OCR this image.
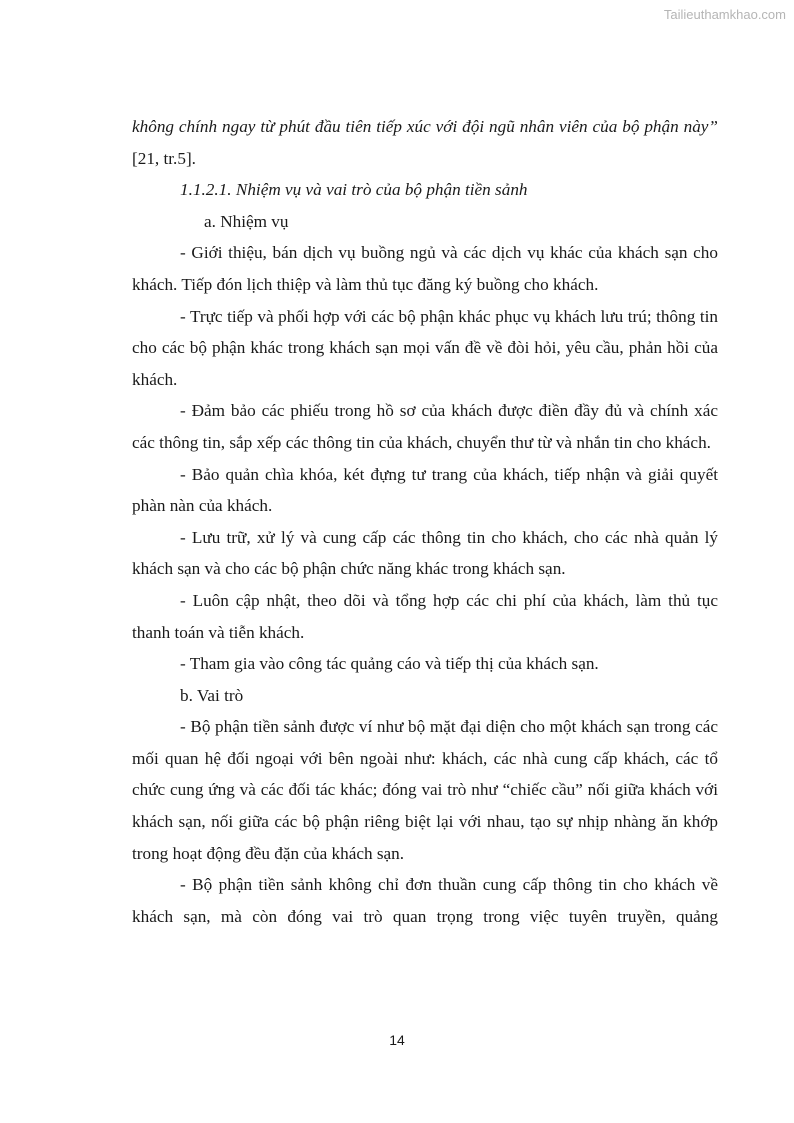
Tailieuthamkhao.com

không chính ngay từ phút đầu tiên tiếp xúc với đội ngũ nhân viên của bộ phận này” [21, tr.5].

1.1.2.1. Nhiệm vụ và vai trò của bộ phận tiền sảnh

a. Nhiệm vụ

- Giới thiệu, bán dịch vụ buồng ngủ và các dịch vụ khác của khách sạn cho khách. Tiếp đón lịch thiệp và làm thủ tục đăng ký buồng cho khách.

- Trực tiếp và phối hợp với các bộ phận khác phục vụ khách lưu trú; thông tin cho các bộ phận khác trong khách sạn mọi vấn đề về đòi hỏi, yêu cầu, phản hồi của khách.

- Đảm bảo các phiếu trong hồ sơ của khách được điền đầy đủ và chính xác các thông tin, sắp xếp các thông tin của khách, chuyển thư từ và nhắn tin cho khách.

- Bảo quản chìa khóa, két đựng tư trang của khách, tiếp nhận và giải quyết phàn nàn của khách.

- Lưu trữ, xử lý và cung cấp các thông tin cho khách, cho các nhà quản lý khách sạn và cho các bộ phận chức năng khác trong khách sạn.

- Luôn cập nhật, theo dõi và tổng hợp các chi phí của khách, làm thủ tục thanh toán và tiễn khách.

- Tham gia vào công tác quảng cáo và tiếp thị của khách sạn.

b. Vai trò

- Bộ phận tiền sảnh được ví như bộ mặt đại diện cho một khách sạn trong các mối quan hệ đối ngoại với bên ngoài như: khách, các nhà cung cấp khách, các tổ chức cung ứng và các đối tác khác; đóng vai trò như “chiếc cầu” nối giữa khách với khách sạn, nối giữa các bộ phận riêng biệt lại với nhau, tạo sự nhịp nhàng ăn khớp trong hoạt động đều đặn của khách sạn.

- Bộ phận tiền sảnh không chỉ đơn thuần cung cấp thông tin cho khách về khách sạn, mà còn đóng vai trò quan trọng trong việc tuyên truyền, quảng

14
